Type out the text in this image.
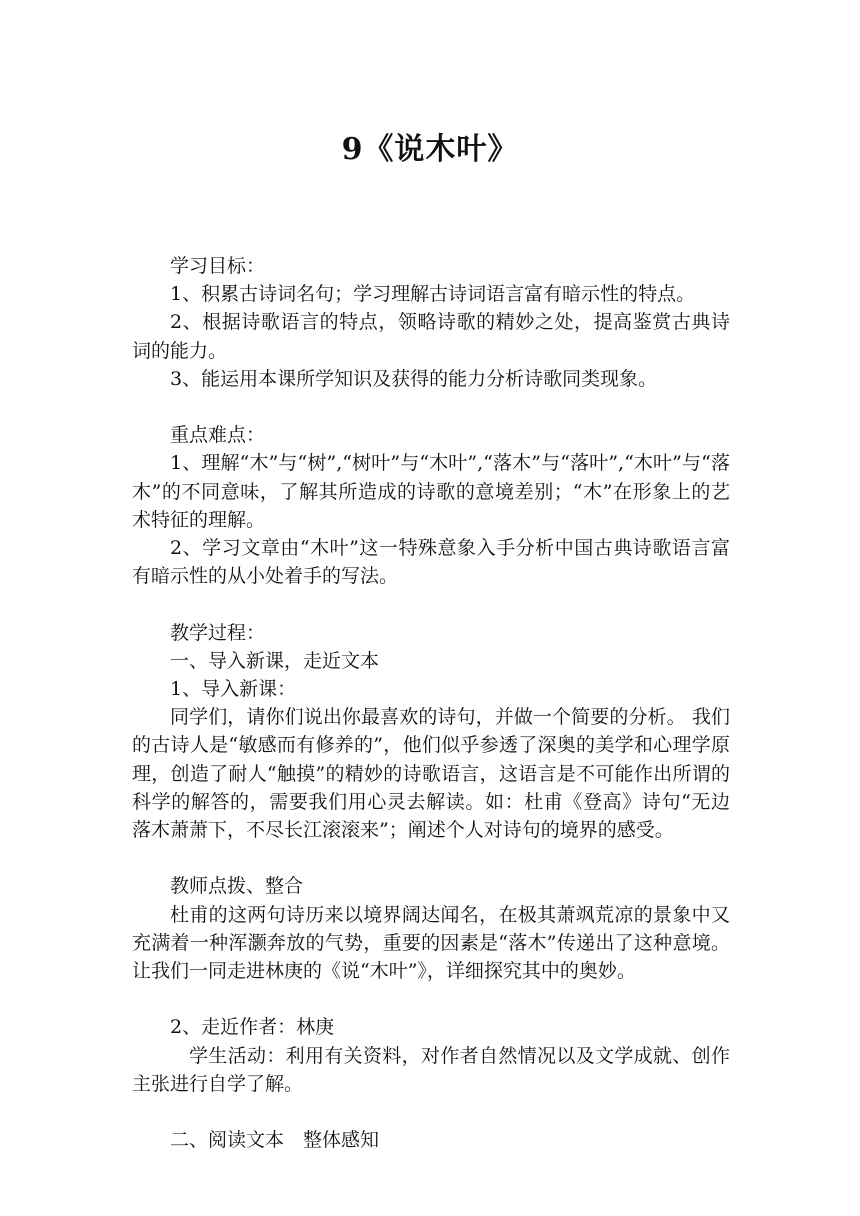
9《说木叶》

学习目标：

1、积累古诗词名句；学习理解古诗词语言富有暗示性的特点。

2、根据诗歌语言的特点，领略诗歌的精妙之处，提高鉴赏古典诗词的能力。

3、能运用本课所学知识及获得的能力分析诗歌同类现象。

重点难点：

1、理解“木”与“树”,“树叶”与“木叶”,“落木”与“落叶”,“木叶”与“落木”的不同意味，了解其所造成的诗歌的意境差别；“木”在形象上的艺术特征的理解。

2、学习文章由“木叶”这一特殊意象入手分析中国古典诗歌语言富有暗示性的从小处着手的写法。

教学过程：

一、导入新课，走近文本

1、导入新课：

同学们，请你们说出你最喜欢的诗句，并做一个简要的分析。 我们的古诗人是“敏感而有修养的”，他们似乎参透了深奥的美学和心理学原理，创造了耐人“触摸”的精妙的诗歌语言，这语言是不可能作出所谓的科学的解答的，需要我们用心灵去解读。如：杜甫《登高》诗句“无边落木萧萧下，不尽长江滚滚来”；阐述个人对诗句的境界的感受。

教师点拨、整合

杜甫的这两句诗历来以境界阔达闻名，在极其萧飒荒凉的景象中又充满着一种浑灏奔放的气势，重要的因素是“落木”传递出了这种意境。让我们一同走进林庚的《说“木叶”》，详细探究其中的奥妙。

2、走近作者：林庚

学生活动：利用有关资料，对作者自然情况以及文学成就、创作主张进行自学了解。

二、阅读文本　整体感知
